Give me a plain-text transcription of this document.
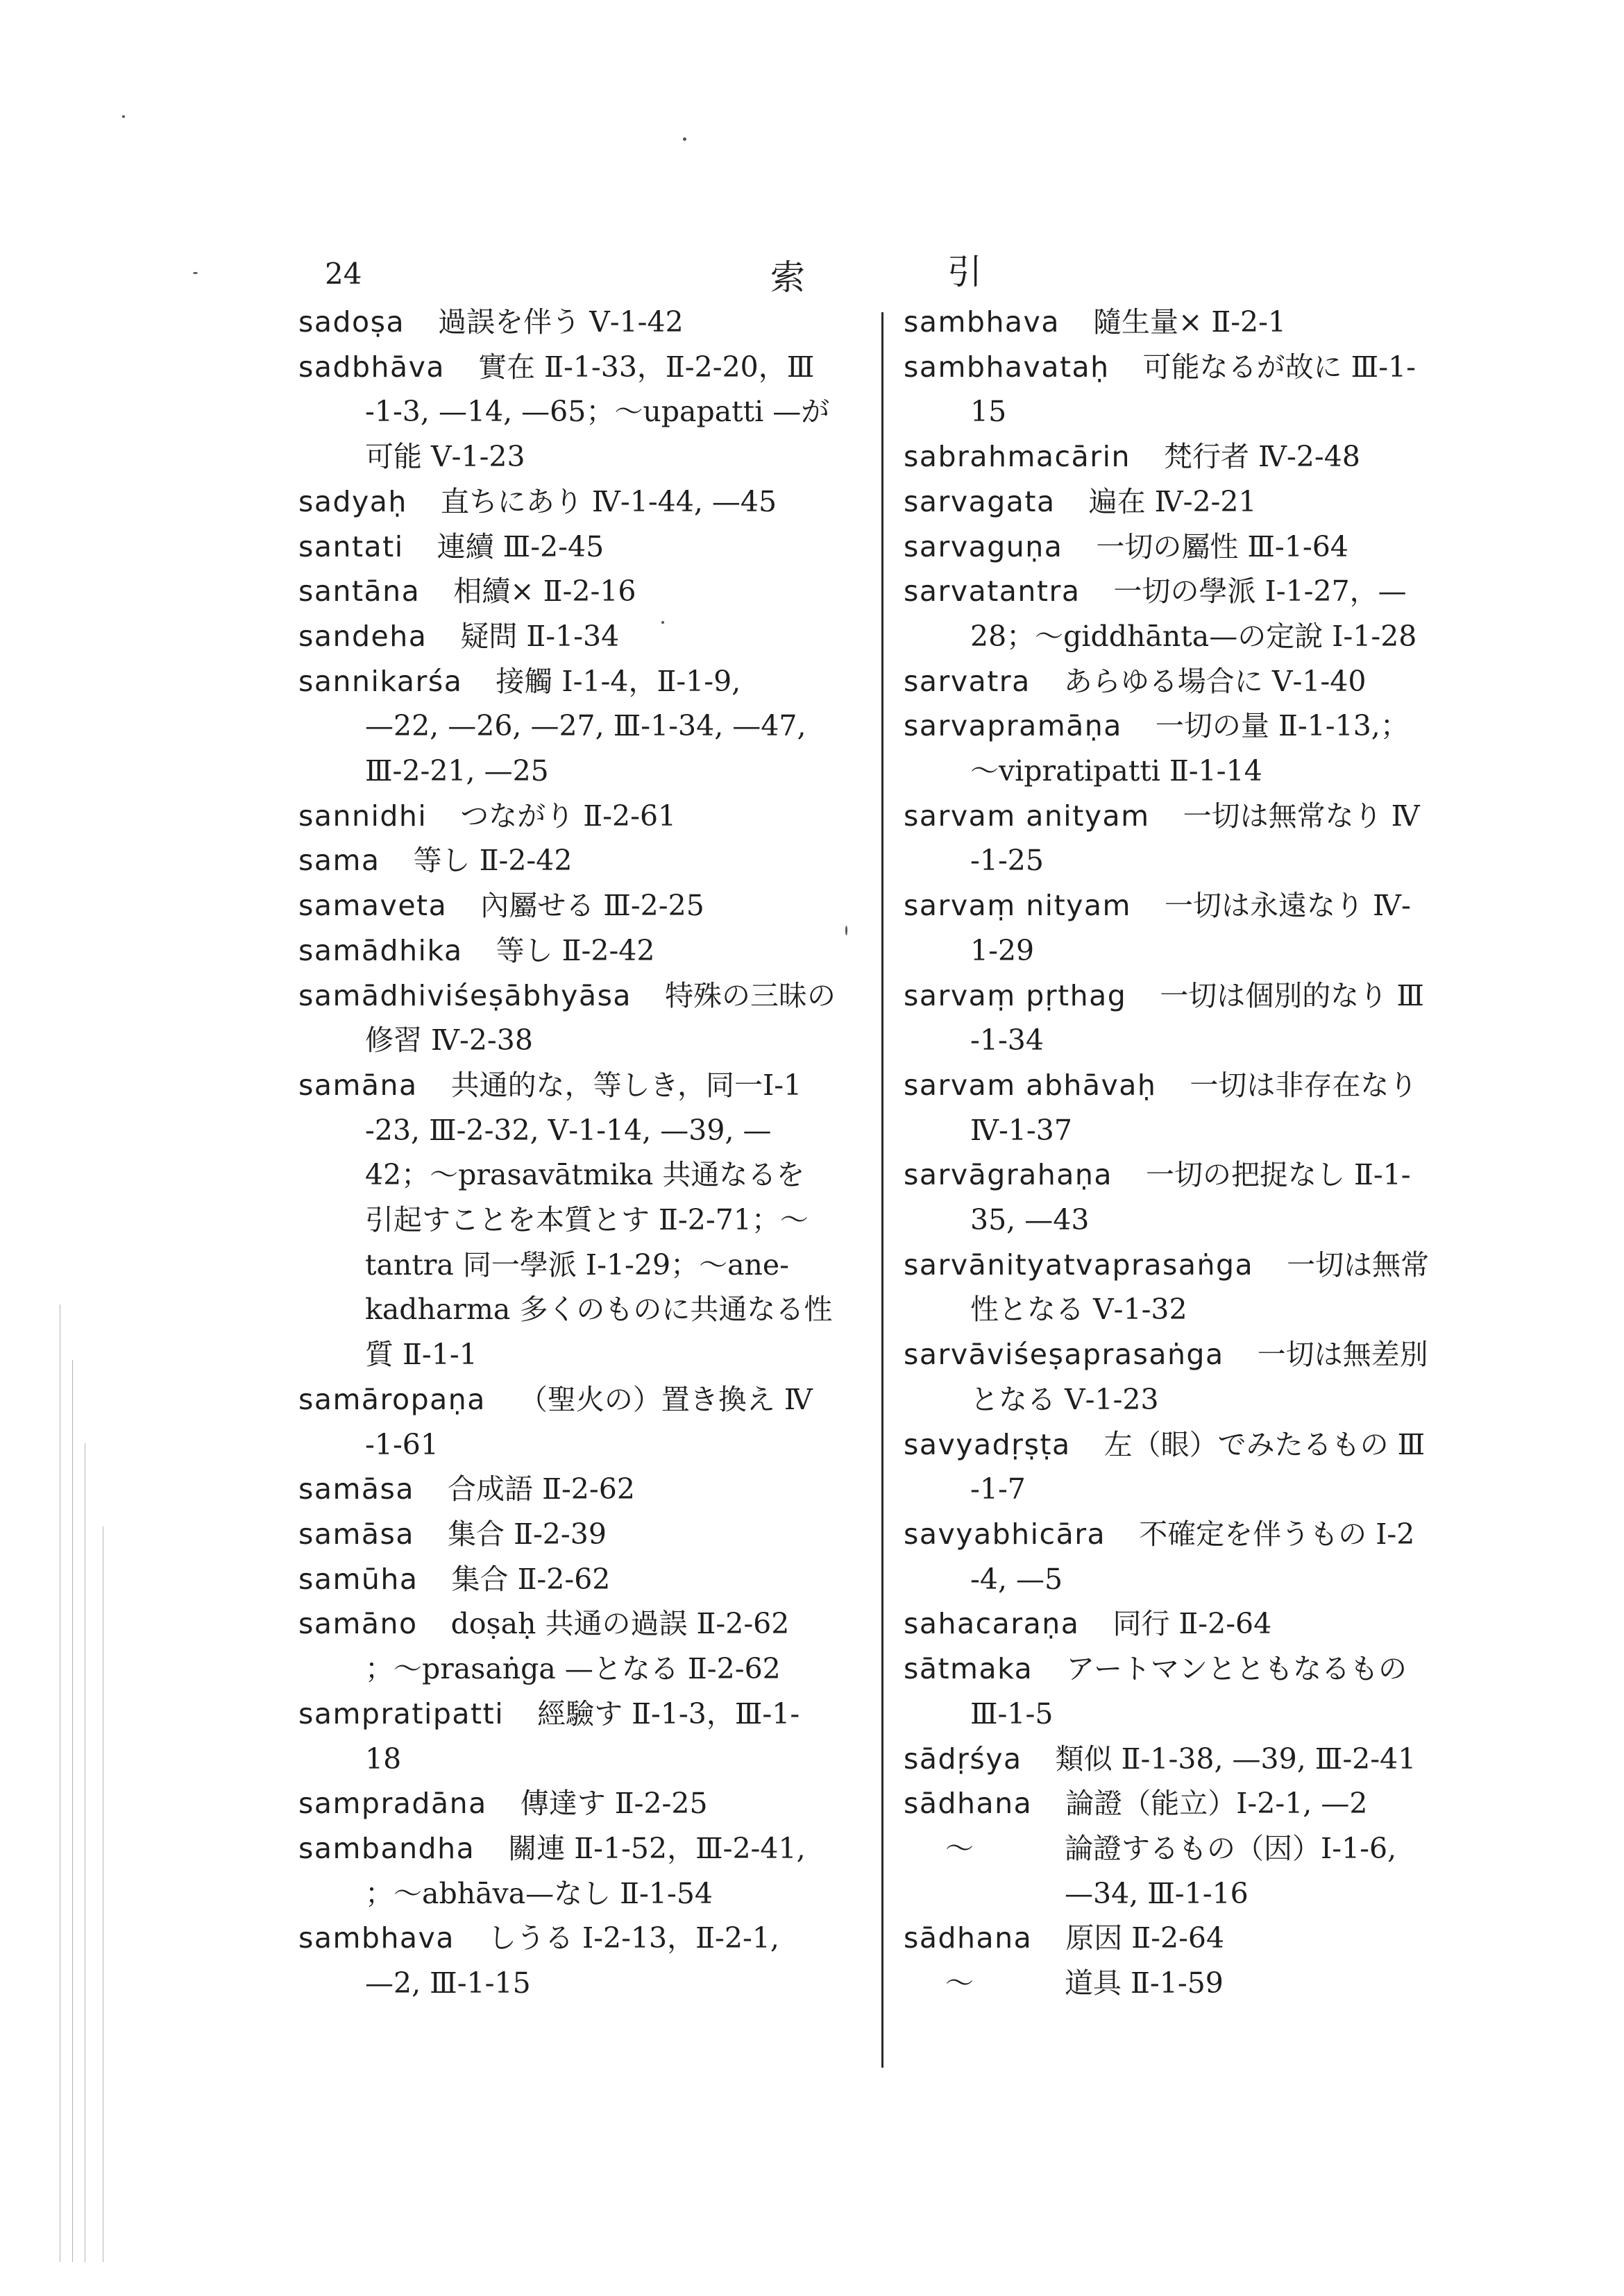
24	索	引
sadoṣa 過誤を伴う Ⅴ-1-42
sadbhāva 實在 Ⅱ-1-33，Ⅱ-2-20，Ⅲ
-1-3, —14, —65；～upapatti —が
可能 Ⅴ-1-23
sadyaḥ 直ちにあり Ⅳ-1-44, —45
santati 連續 Ⅲ-2-45
santāna 相續× Ⅱ-2-16
sandeha 疑問 Ⅱ-1-34
sannikarśa 接觸 Ⅰ-1-4，Ⅱ-1-9,
—22, —26, —27, Ⅲ-1-34, —47,
Ⅲ-2-21, —25
sannidhi つながり Ⅱ-2-61
sama 等し Ⅱ-2-42
samaveta 內屬せる Ⅲ-2-25
samādhika 等し Ⅱ-2-42
samādhiviśeṣābhyāsa 特殊の三昧の
修習 Ⅳ-2-38
samāna 共通的な，等しき，同一Ⅰ-1
-23, Ⅲ-2-32, Ⅴ-1-14, —39, —
42；～prasavātmika 共通なるを
引起すことを本質とす Ⅱ-2-71；～
tantra 同一學派 Ⅰ-1-29；～ane-
kadharma 多くのものに共通なる性
質 Ⅱ-1-1
samāropaṇa （聖火の）置き換え Ⅳ
-1-61
samāsa 合成語 Ⅱ-2-62
samāsa 集合 Ⅱ-2-39
samūha 集合 Ⅱ-2-62
samāno doṣaḥ 共通の過誤 Ⅱ-2-62
；～prasaṅga —となる Ⅱ-2-62
sampratipatti 經驗す Ⅱ-1-3，Ⅲ-1-
18
sampradāna 傳達す Ⅱ-2-25
sambandha 關連 Ⅱ-1-52，Ⅲ-2-41,
；～abhāva—なし Ⅱ-1-54
sambhava しうる Ⅰ-2-13，Ⅱ-2-1,
—2, Ⅲ-1-15
sambhava 隨生量× Ⅱ-2-1
sambhavataḥ 可能なるが故に Ⅲ-1-
15
sabrahmacārin 梵行者 Ⅳ-2-48
sarvagata 遍在 Ⅳ-2-21
sarvaguṇa 一切の屬性 Ⅲ-1-64
sarvatantra 一切の學派 Ⅰ-1-27，—
28；～giddhānta—の定說 Ⅰ-1-28
sarvatra あらゆる場合に Ⅴ-1-40
sarvapramāṇa 一切の量 Ⅱ-1-13,；
～vipratipatti Ⅱ-1-14
sarvam anityam 一切は無常なり Ⅳ
-1-25
sarvaṃ nityam 一切は永遠なり Ⅳ-
1-29
sarvaṃ pṛthag 一切は個別的なり Ⅲ
-1-34
sarvam abhāvaḥ 一切は非存在なり
Ⅳ-1-37
sarvāgrahaṇa 一切の把捉なし Ⅱ-1-
35, —43
sarvānityatvaprasaṅga 一切は無常
性となる Ⅴ-1-32
sarvāviśeṣaprasaṅga 一切は無差別
となる Ⅴ-1-23
savyadṛṣṭa 左（眼）でみたるもの Ⅲ
-1-7
savyabhicāra 不確定を伴うもの Ⅰ-2
-4, —5
sahacaraṇa 同行 Ⅱ-2-64
sātmaka アートマンとともなるもの
Ⅲ-1-5
sādṛśya 類似 Ⅱ-1-38, —39, Ⅲ-2-41
sādhana 論證（能立）Ⅰ-2-1, —2
～	論證するもの（因）Ⅰ-1-6,
—34, Ⅲ-1-16
sādhana 原因 Ⅱ-2-64
～	道具 Ⅱ-1-59
